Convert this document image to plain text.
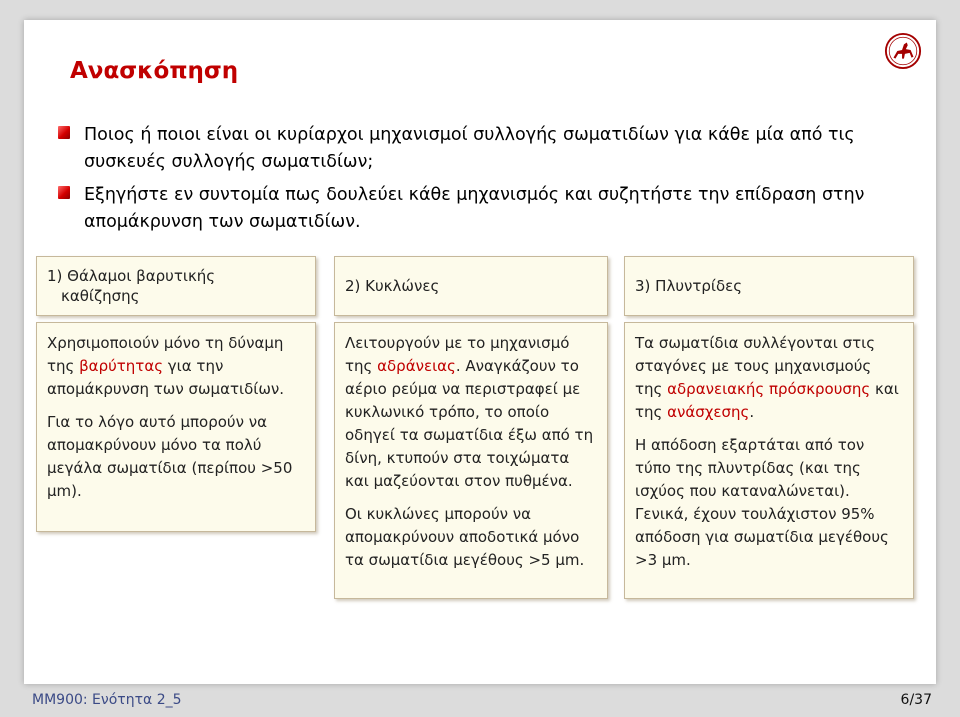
Ανασκόπηση
Ποιος ή ποιοι είναι οι κυρίαρχοι μηχανισμοί συλλογής σωματιδίων για κάθε μία από τις συσκευές συλλογής σωματιδίων;
Εξηγήστε εν συντομία πως δουλεύει κάθε μηχανισμός και συζητήστε την επίδραση στην απομάκρυνση των σωματιδίων.
1) Θάλαμοι βαρυτικής
καθίζησης
2) Κυκλώνες	3) Πλυντρίδες

Χρησιμοποιούν μόνο τη δύναμη της βαρύτητας για την απομάκρυνση των σωματιδίων.

Για το λόγο αυτό μπορούν να απομακρύνουν μόνο τα πολύ μεγάλα σωματίδια (περίπου >50 μm).

Λειτουργούν με το μηχανισμό της αδράνειας. Αναγκάζουν το αέριο ρεύμα να περιστραφεί με κυκλωνικό τρόπο, το οποίο οδηγεί τα σωματίδια έξω από τη δίνη, κτυπούν στα τοιχώματα και μαζεύονται στον πυθμένα.

Οι κυκλώνες μπορούν να απομακρύνουν αποδοτικά μόνο τα σωματίδια μεγέθους >5 μm.

Τα σωματίδια συλλέγονται στις σταγόνες με τους μηχανισμούς της αδρανειακής πρόσκρουσης και της ανάσχεσης.

Η απόδοση εξαρτάται από τον τύπο της πλυντρίδας (και της ισχύος που καταναλώνεται). Γενικά, έχουν τουλάχιστον 95% απόδοση για σωματίδια μεγέθους >3 μm.

ΜΜ900: Ενότητα 2_5	6/37
